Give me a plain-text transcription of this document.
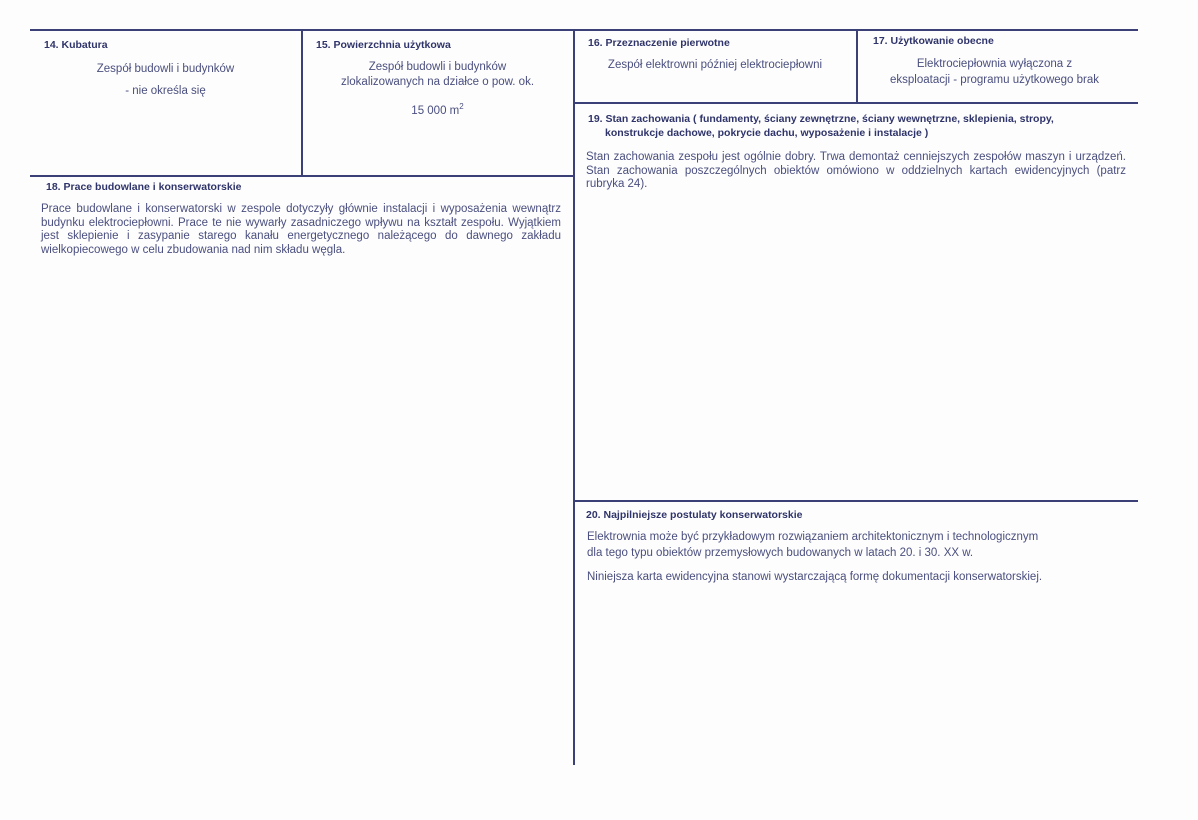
14. Kubatura
Zespół budowli i budynków
- nie określa się
15. Powierzchnia użytkowa
Zespół budowli i budynków
zlokalizowanych na działce o pow. ok.
15 000 $m^2$
16. Przeznaczenie pierwotne
Zespół elektrowni później elektrociepłowni
17. Użytkowanie obecne
Elektrociepłownia wyłączona z
eksploatacji - programu użytkowego brak
18. Prace budowlane i konserwatorskie
Prace budowlane i konserwatorski w zespole dotyczyły głównie instalacji i wyposażenia wewnątrz budynku elektrociepłowni. Prace te nie wywarły zasadniczego wpływu na kształt zespołu. Wyjątkiem jest sklepienie i zasypanie starego kanału energetycznego należącego do dawnego zakładu wielkopiecowego w celu zbudowania nad nim składu węgla.
19. Stan zachowania ( fundamenty, ściany zewnętrzne, ściany wewnętrzne, sklepienia, stropy,
konstrukcje dachowe, pokrycie dachu, wyposażenie i instalacje )
Stan zachowania zespołu jest ogólnie dobry. Trwa demontaż cenniejszych zespołów maszyn i urządzeń. Stan zachowania poszczególnych obiektów omówiono w oddzielnych kartach ewidencyjnych (patrz rubryka 24).
20. Najpilniejsze postulaty konserwatorskie
Elektrownia może być przykładowym rozwiązaniem architektonicznym i technologicznym
dla tego typu obiektów przemysłowych budowanych w latach 20. i 30. XX w.
Niniejsza karta ewidencyjna stanowi wystarczającą formę dokumentacji konserwatorskiej.
